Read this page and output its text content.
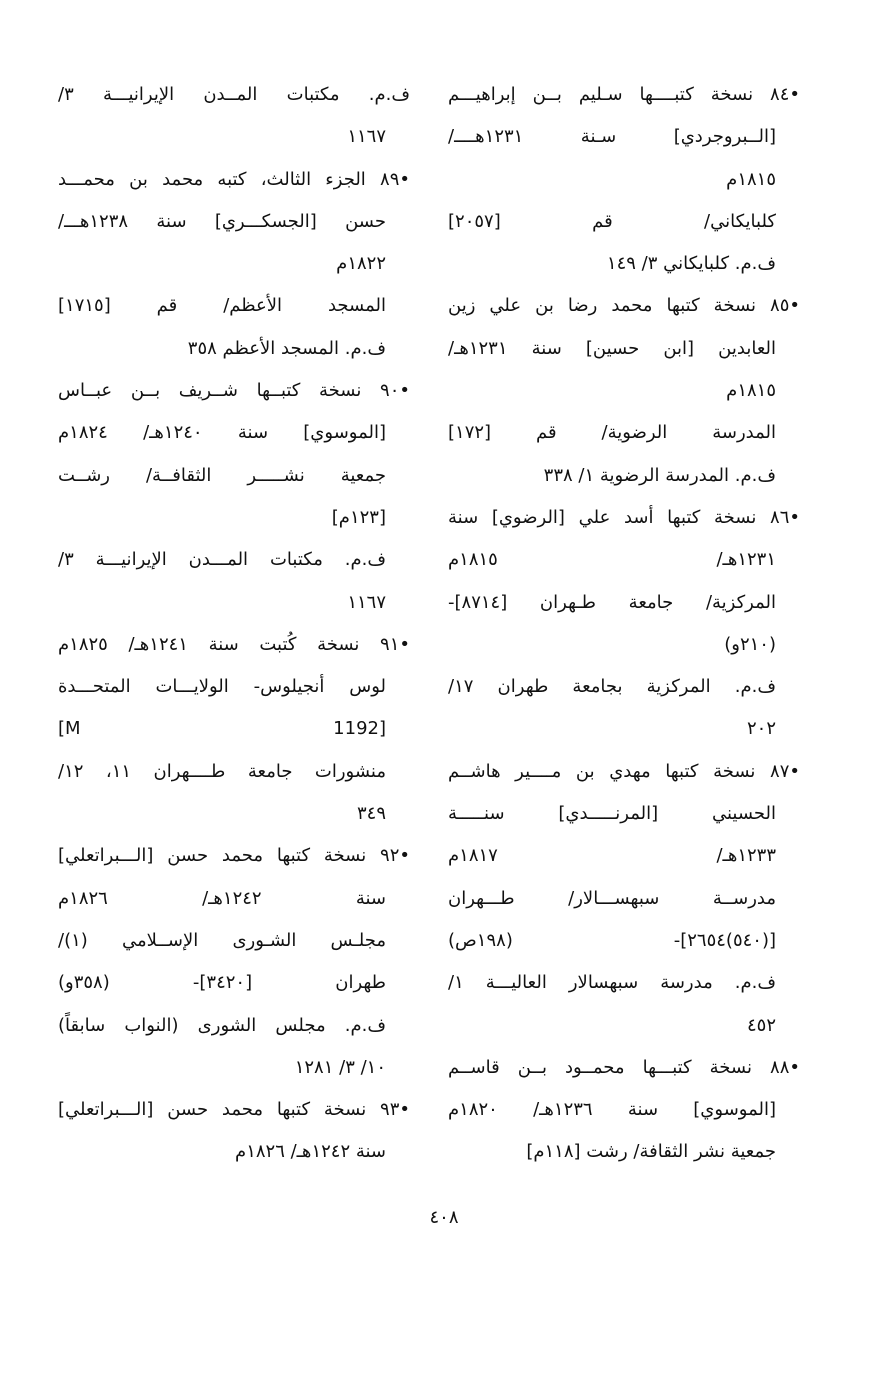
•٨٤ نسخة كتبــــها سـليم بــن إبراهيـــم
[الــبروجردي] سـنة ١٢٣١هــــ/
١٨١٥م
كلبايكاني/ قم [٢٠٥٧]
ف.م. كلبايكاني ٣/ ١٤٩
•٨٥ نسخة كتبها محمد رضا بن علي زين
العابدين [ابن حسين] سنة ١٢٣١هـ/
١٨١٥م
المدرسة الرضوية/ قم [١٧٢]
ف.م. المدرسة الرضوية ١/ ٣٣٨
•٨٦ نسخة كتبها أسد علي [الرضوي] سنة
١٢٣١هـ/ ١٨١٥م
المركزية/ جامعة طـهران [٨٧١٤]-
(٢١٠و)
ف.م. المركزية بجامعة طهران ١٧/
٢٠٢
•٨٧ نسخة كتبها مهدي بن مــــير هاشــم
الحسيني [المرنـــــدي] سنـــــة
١٢٣٣هـ/ ١٨١٧م
مدرســة سبهســـالار/ طـــهران
[(٥٤٠)٢٦٥٤]- (١٩٨ص)
ف.م. مدرسة سبهسالار العاليـــة ١/
٤٥٢
•٨٨ نسخة كتبـــها محمــود بــن قاســم
[الموسوي] سنة ١٢٣٦هـ/ ١٨٢٠م
جمعية نشر الثقافة/ رشت [١١٨م]
ف.م. مكتبات المــدن الإيرانيـــة ٣/
١١٦٧
•٨٩ الجزء الثالث، كتبه محمد بن محمـــد
حسن [الجسكـــري] سنة ١٢٣٨هـــ/
١٨٢٢م
المسجد الأعظم/ قم [١٧١٥]
ف.م. المسجد الأعظم ٣٥٨
•٩٠ نسخة كتبــها شــريف بــن عبــاس
[الموسوي] سنة ١٢٤٠هـ/ ١٨٢٤م
جمعية نشـــــر الثقافــة/ رشــت
[١٢٣م]
ف.م. مكتبات المـــدن الإيرانيـــة ٣/
١١٦٧
•٩١ نسخة كُتبت سنة ١٢٤١هـ/ ١٨٢٥م
لوس أنجيلوس- الولايـــات المتحـــدة
[M 1192]
منشورات جامعة طــــهران ١١، ١٢/
٣٤٩
•٩٢ نسخة كتبها محمد حسن [الـــبراتعلي]
سنة ١٢٤٢هـ/ ١٨٢٦م
مجلـس الشـورى الإســلامي (١)/
طهران [٣٤٢٠]- (٣٥٨و)
ف.م. مجلس الشورى (النواب سابقاً)
١٠/ ٣/ ١٢٨١
•٩٣ نسخة كتبها محمد حسن [الـــبراتعلي]
سنة ١٢٤٢هـ/ ١٨٢٦م
٤٠٨
